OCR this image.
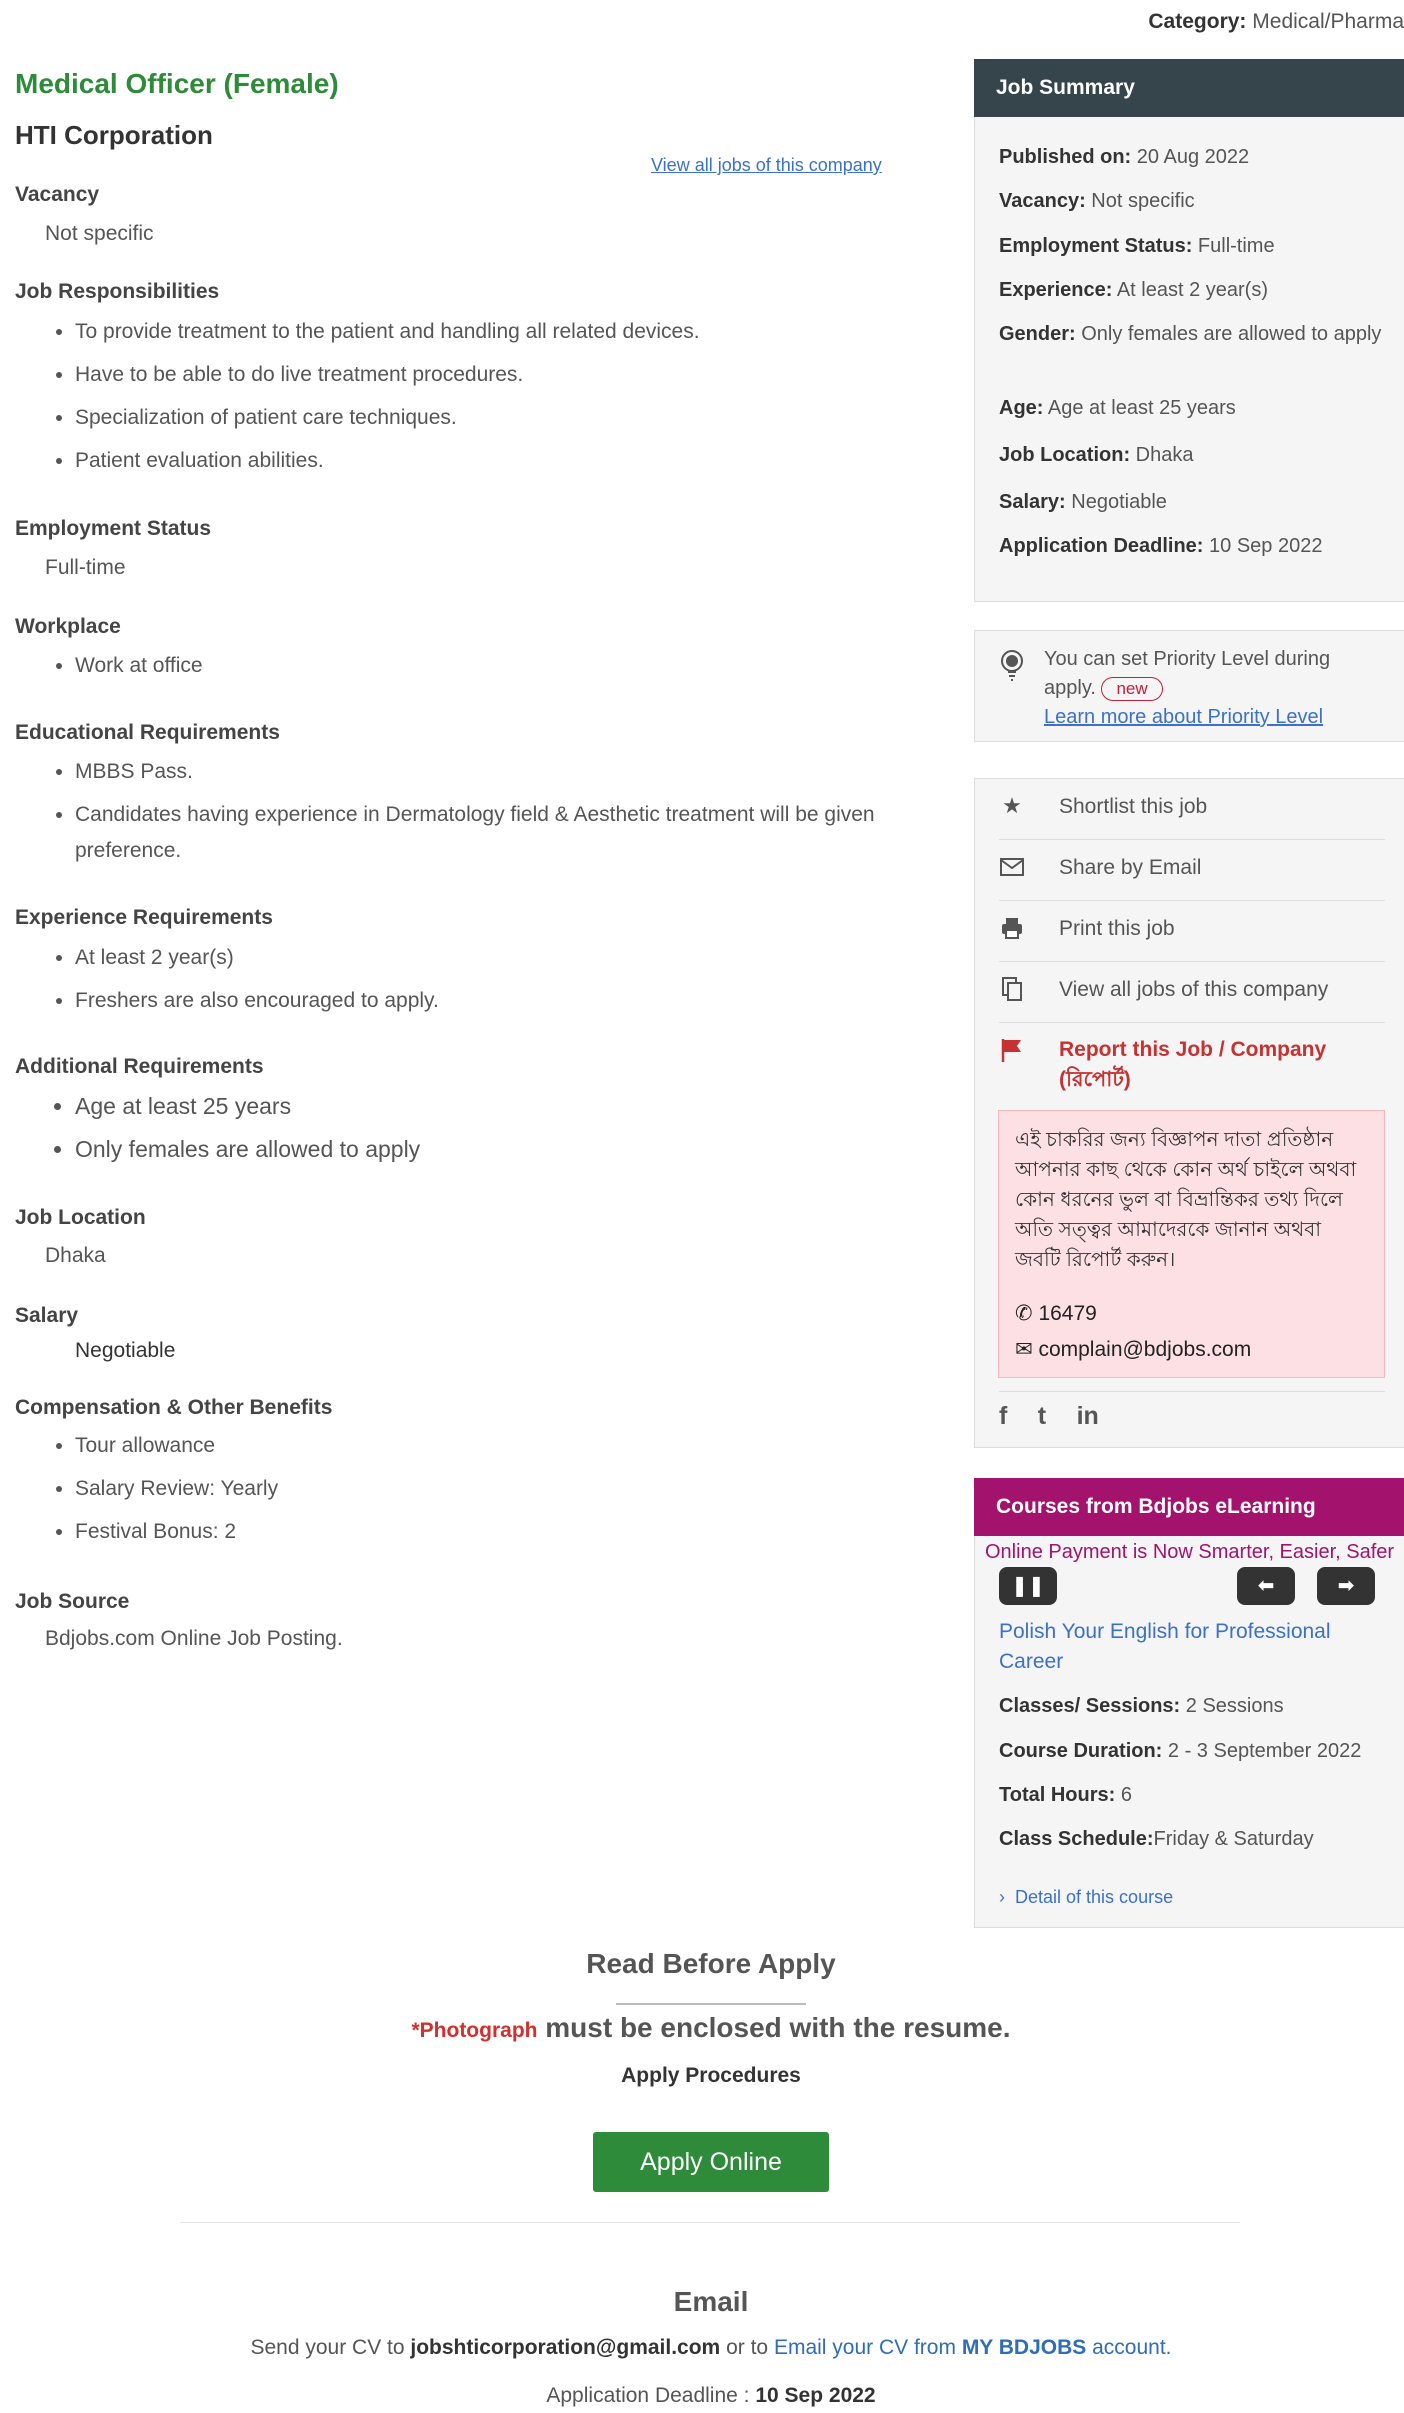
Category: Medical/Pharma
Medical Officer (Female)
HTI Corporation
View all jobs of this company
Vacancy
Not specific
Job Responsibilities
• To provide treatment to the patient and handling all related devices.
• Have to be able to do live treatment procedures.
• Specialization of patient care techniques.
• Patient evaluation abilities.
Employment Status
Full-time
Workplace
• Work at office
Educational Requirements
• MBBS Pass.
• Candidates having experience in Dermatology field & Aesthetic treatment will be given preference.
Experience Requirements
• At least 2 year(s)
• Freshers are also encouraged to apply.
Additional Requirements
• Age at least 25 years
• Only females are allowed to apply
Job Location
Dhaka
Salary
Negotiable
Compensation & Other Benefits
• Tour allowance
• Salary Review: Yearly
• Festival Bonus: 2
Job Source
Bdjobs.com Online Job Posting.
Job Summary
Published on: 20 Aug 2022
Vacancy: Not specific
Employment Status: Full-time
Experience: At least 2 year(s)
Gender: Only females are allowed to apply
Age: Age at least 25 years
Job Location: Dhaka
Salary: Negotiable
Application Deadline: 10 Sep 2022
You can set Priority Level during apply. new
Learn more about Priority Level
★ Shortlist this job
Share by Email
Print this job
View all jobs of this company
Report this Job / Company (রিপোর্ট)
এই চাকরির জন্য বিজ্ঞাপন দাতা প্রতিষ্ঠান আপনার কাছ থেকে কোন অর্থ চাইলে অথবা কোন ধরনের ভুল বা বিভ্রান্তিকর তথ্য দিলে অতি সত্ত্বর আমাদেরকে জানান অথবা জবটি রিপোর্ট করুন।
✆ 16479
✉ complain@bdjobs.com
f t in
Courses from Bdjobs eLearning
Online Payment is Now Smarter, Easier, Safer
❚❚	⬅	➡
Polish Your English for Professional Career
Classes/ Sessions: 2 Sessions
Course Duration: 2 - 3 September 2022
Total Hours: 6
Class Schedule:Friday & Saturday
› Detail of this course
Read Before Apply
*Photograph must be enclosed with the resume.
Apply Procedures
Apply Online
Email
Send your CV to jobshticorporation@gmail.com or to Email your CV from MY BDJOBS account.
Application Deadline : 10 Sep 2022
